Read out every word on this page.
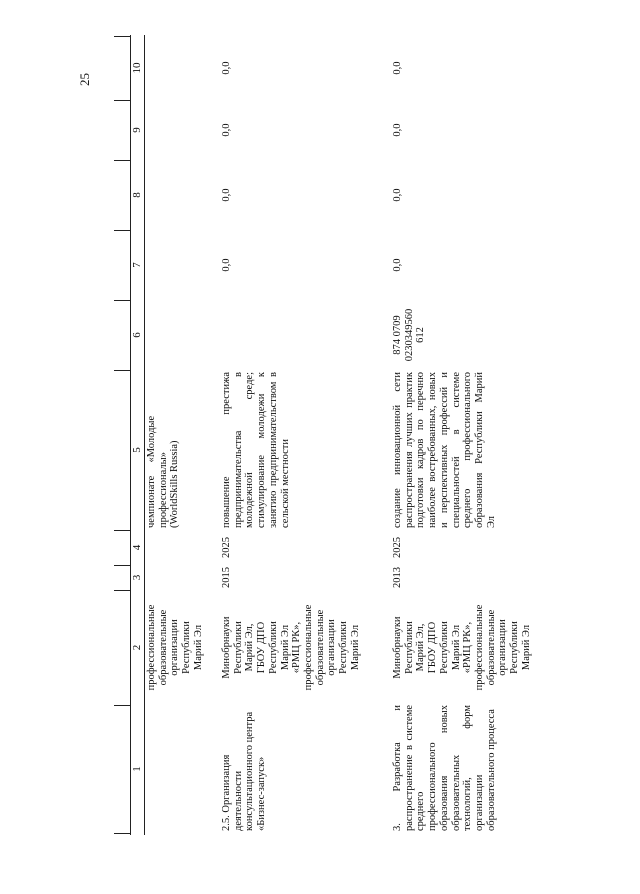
25
10
9
8
7
6
5
4
3
2
1
профессиональные
образовательные
организации
Республики
Марий Эл
чемпионате     «Молодые
профессионалы»
(WorldSkills Russia)
2.5. Организация
деятельности
консультационного центра
«Бизнес-запуск»
Минобрнауки
Республики
Марий Эл,
ГБОУ ДПО
Республики
Марий Эл
«РМЦ РК»,
профессиональные
образовательные
организации
Республики
Марий Эл
2015
2025
повышение престижа предпринимательства в молодежной среде; стимулирование молодежи к занятию предпринимательством в сельской местности
0,0
0,0
0,0
0,0
3. Разработка и распространение в системе среднего профессионального образования новых образовательных технологий, форм организации образовательного процесса
Минобрнауки
Республики
Марий Эл,
ГБОУ ДПО
Республики
Марий Эл
«РМЦ РК»,
профессиональные
образовательные
организации
Республики
Марий Эл
2013
2025
создание инновационной сети распространения лучших практик подготовки кадров по перечню наиболее востребованных, новых и перспективных профессий и специальностей в системе среднего профессионального образования Республики Марий Эл
874 0709
0230349560
612
0,0
0,0
0,0
0,0
